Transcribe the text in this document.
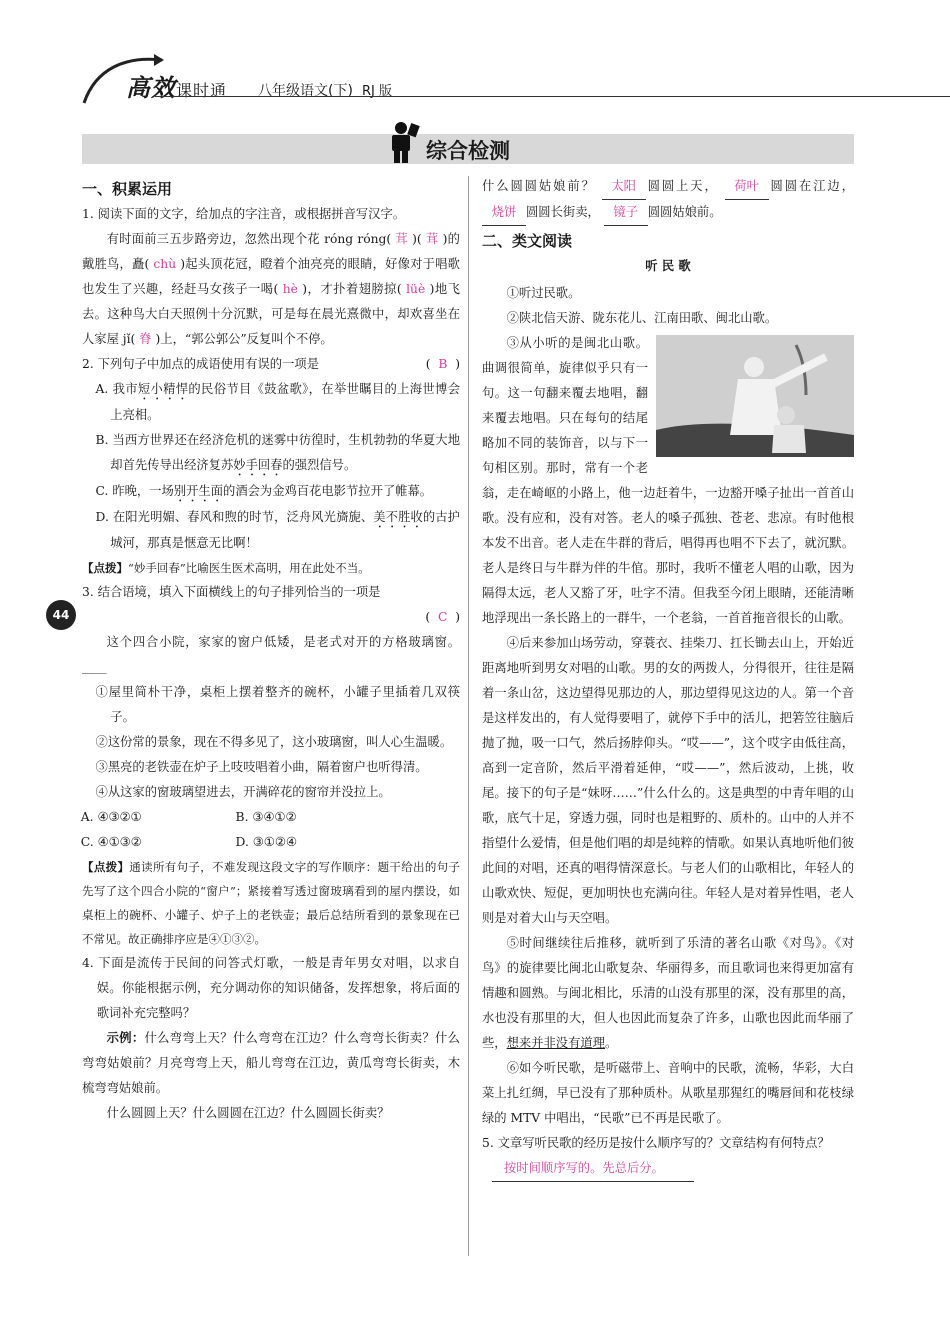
高效课时通 八年级语文(下) RJ 版
综合检测
44
一、积累运用

1. 阅读下面的文字，给加点的字注音，或根据拼音写汉字。

有时面前三五步路旁边，忽然出现个花 róng róng( 茸 )( 茸 )的戴胜鸟，矗( chù )起头顶花冠，瞪着个油亮亮的眼睛，好像对于唱歌也发生了兴趣，经赶马女孩子一喝( hè )，才扑着翅膀掠( lüè )地飞去。这种鸟大白天照例十分沉默，可是每在晨光熹微中，却欢喜坐在人家屋 jǐ( 脊 )上，“郭公郭公”反复叫个不停。

2. 下列句子中加点的成语使用有误的一项是	(  B  )

A. 我市短小精悍的民俗节目《鼓盆歌》，在举世瞩目的上海世博会上亮相。

B. 当西方世界还在经济危机的迷雾中彷徨时，生机勃勃的华夏大地却首先传导出经济复苏妙手回春的强烈信号。

C. 昨晚，一场别开生面的酒会为金鸡百花电影节拉开了帷幕。

D. 在阳光明媚、春风和煦的时节，泛舟风光旖旎、美不胜收的古护城河，那真是惬意无比啊！

【点拨】“妙手回春”比喻医生医术高明，用在此处不当。

3. 结合语境，填入下面横线上的句子排列恰当的一项是

(  C  )

这个四合小院，家家的窗户低矮，是老式对开的方格玻璃窗。____

①屋里简朴干净，桌柜上摆着整齐的碗杯，小罐子里插着几双筷子。

②这份常的景象，现在不得多见了，这小玻璃窗，叫人心生温暖。

③黑亮的老铁壶在炉子上吱吱唱着小曲，隔着窗户也听得清。

④从这家的窗玻璃望进去，开满碎花的窗帘并没拉上。

A. ④③②①	B. ③④①②

C. ④①③②	D. ③①②④

【点拨】通读所有句子，不难发现这段文字的写作顺序：题干给出的句子先写了这个四合小院的“窗户”；紧接着写透过窗玻璃看到的屋内摆设，如桌柜上的碗杯、小罐子、炉子上的老铁壶；最后总结所看到的景象现在已不常见。故正确排序应是④①③②。

4. 下面是流传于民间的问答式灯歌，一般是青年男女对唱，以求自娱。你能根据示例，充分调动你的知识储备，发挥想象，将后面的歌词补充完整吗？

示例：什么弯弯上天？什么弯弯在江边？什么弯弯长街卖？什么弯弯姑娘前？月亮弯弯上天，船儿弯弯在江边，黄瓜弯弯长街卖，木梳弯弯姑娘前。

什么圆圆上天？什么圆圆在江边？什么圆圆长街卖？

什么圆圆姑娘前？ 太阳 圆圆上天， 荷叶 圆圆在江边， 烧饼 圆圆长街卖， 镜子 圆圆姑娘前。

二、类文阅读

听 民 歌

①听过民歌。

②陕北信天游、陇东花儿、江南田歌、闽北山歌。

③从小听的是闽北山歌。曲调很简单，旋律似乎只有一句。这一句翻来覆去地唱，翻来覆去地唱。只在每句的结尾略加不同的装饰音，以与下一句相区别。那时，常有一个老翁，走在崎岖的小路上，他一边赶着牛，一边豁开嗓子扯出一首首山歌。没有应和，没有对答。老人的嗓子孤独、苍老、悲凉。有时他根本发不出音。老人走在牛群的背后，唱得再也唱不下去了，就沉默。老人是终日与牛群为伴的牛倌。那时，我听不懂老人唱的山歌，因为隔得太远，老人又豁了牙，吐字不清。但我至今闭上眼睛，还能清晰地浮现出一条长路上的一群牛，一个老翁，一首首拖音很长的山歌。

④后来参加山场劳动，穿蓑衣、挂柴刀、扛长锄去山上，开始近距离地听到男女对唱的山歌。男的女的两拨人，分得很开，往往是隔着一条山岔，这边望得见那边的人，那边望得见这边的人。第一个音是这样发出的，有人觉得要唱了，就停下手中的活儿，把箬笠往脑后抛了抛，吸一口气，然后扬脖仰头。“哎——”，这个哎字由低往高，高到一定音阶，然后平滑着延伸，“哎——”，然后波动，上挑，收尾。接下的句子是“妹呀……”什么什么的。这是典型的中青年唱的山歌，底气十足，穿透力强，同时也是粗野的、质朴的。山中的人并不指望什么爱情，但是他们唱的却是纯粹的情歌。如果认真地听他们彼此间的对唱，还真的唱得情深意长。与老人们的山歌相比，年轻人的山歌欢快、短促，更加明快也充满向往。年轻人是对着异性唱，老人则是对着大山与天空唱。

⑤时间继续往后推移，就听到了乐清的著名山歌《对鸟》。《对鸟》的旋律要比闽北山歌复杂、华丽得多，而且歌词也来得更加富有情趣和圆熟。与闽北相比，乐清的山没有那里的深，没有那里的高，水也没有那里的大，但人也因此而复杂了许多，山歌也因此而华丽了些，想来并非没有道理。

⑥如今听民歌，是听磁带上、音响中的民歌，流畅，华彩，大白菜上扎红绸，早已没有了那种质朴。从歌星那猩红的嘴唇间和花枝绿绿的 MTV 中唱出，“民歌”已不再是民歌了。

5. 文章写听民歌的经历是按什么顺序写的？文章结构有何特点？

按时间顺序写的。先总后分。
